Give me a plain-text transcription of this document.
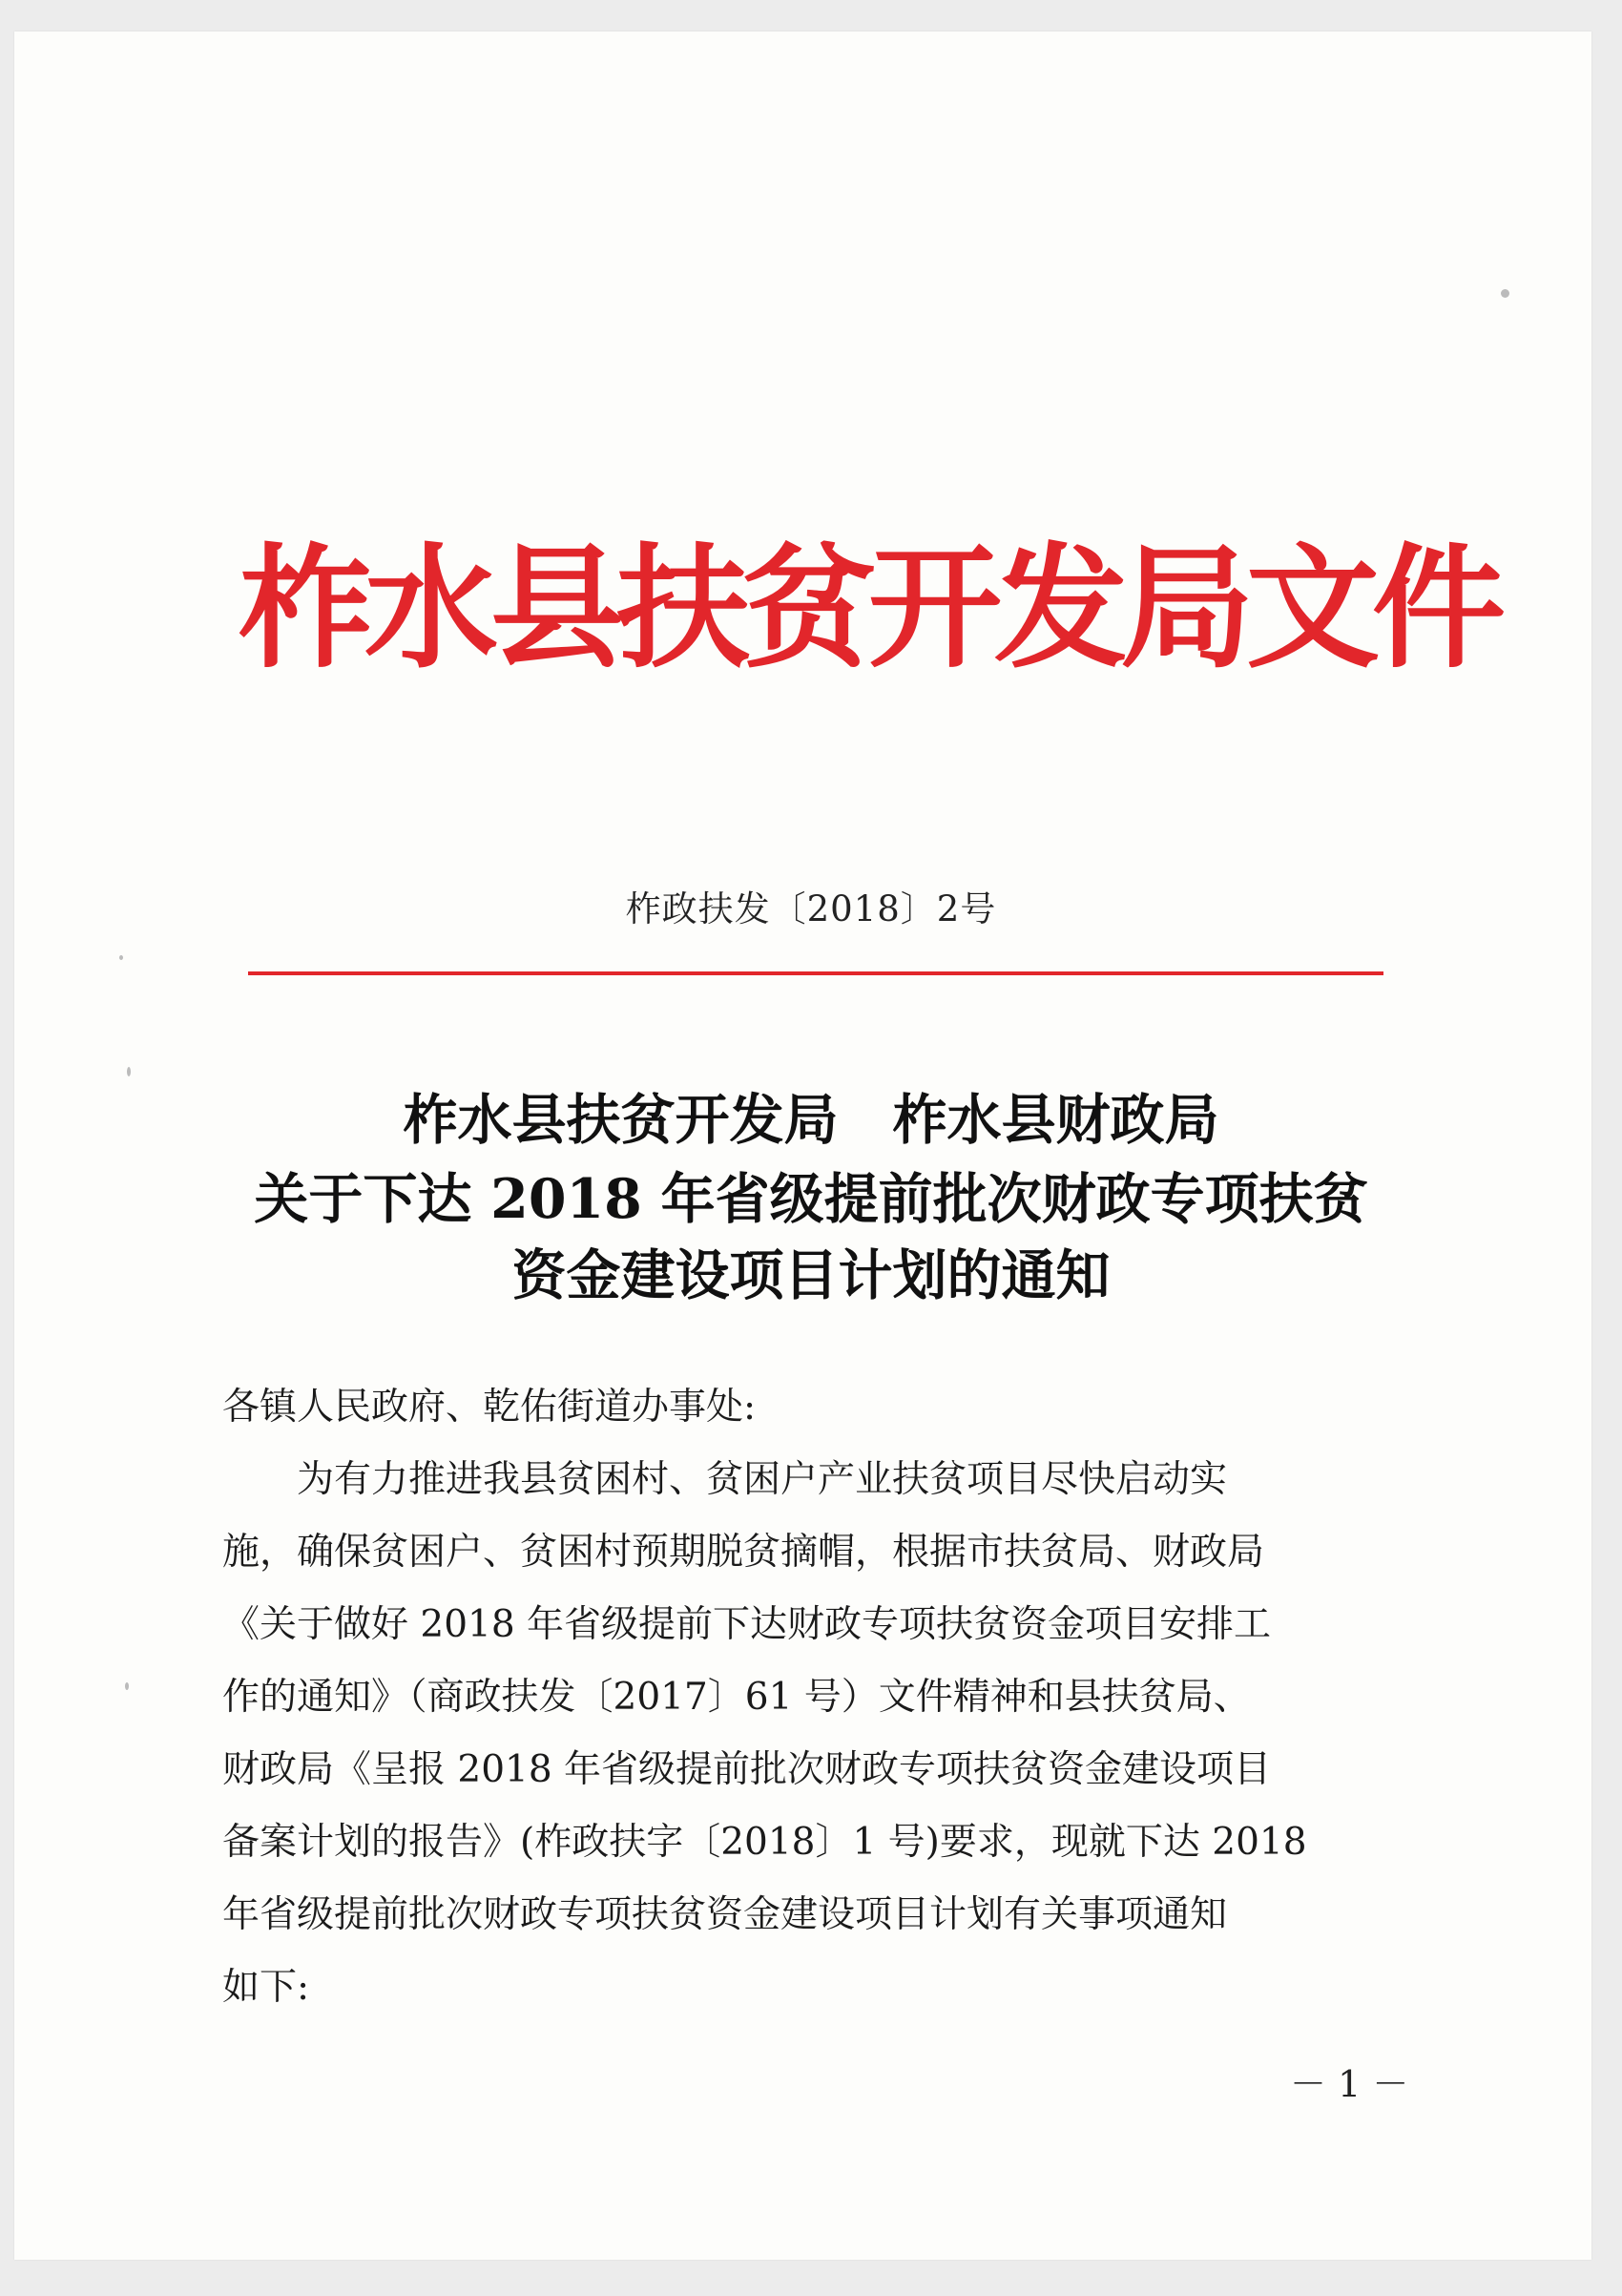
柞水县扶贫开发局文件
柞政扶发〔2018〕2号
柞水县扶贫开发局　柞水县财政局
关于下达 2018 年省级提前批次财政专项扶贫
资金建设项目计划的通知
各镇人民政府、乾佑街道办事处:
　　为有力推进我县贫困村、贫困户产业扶贫项目尽快启动实
施，确保贫困户、贫困村预期脱贫摘帽，根据市扶贫局、财政局
《关于做好 2018 年省级提前下达财政专项扶贫资金项目安排工
作的通知》（商政扶发〔2017〕61 号）文件精神和县扶贫局、
财政局《呈报 2018 年省级提前批次财政专项扶贫资金建设项目
备案计划的报告》(柞政扶字〔2018〕1 号)要求，现就下达 2018
年省级提前批次财政专项扶贫资金建设项目计划有关事项通知
如下:
－ 1 －
